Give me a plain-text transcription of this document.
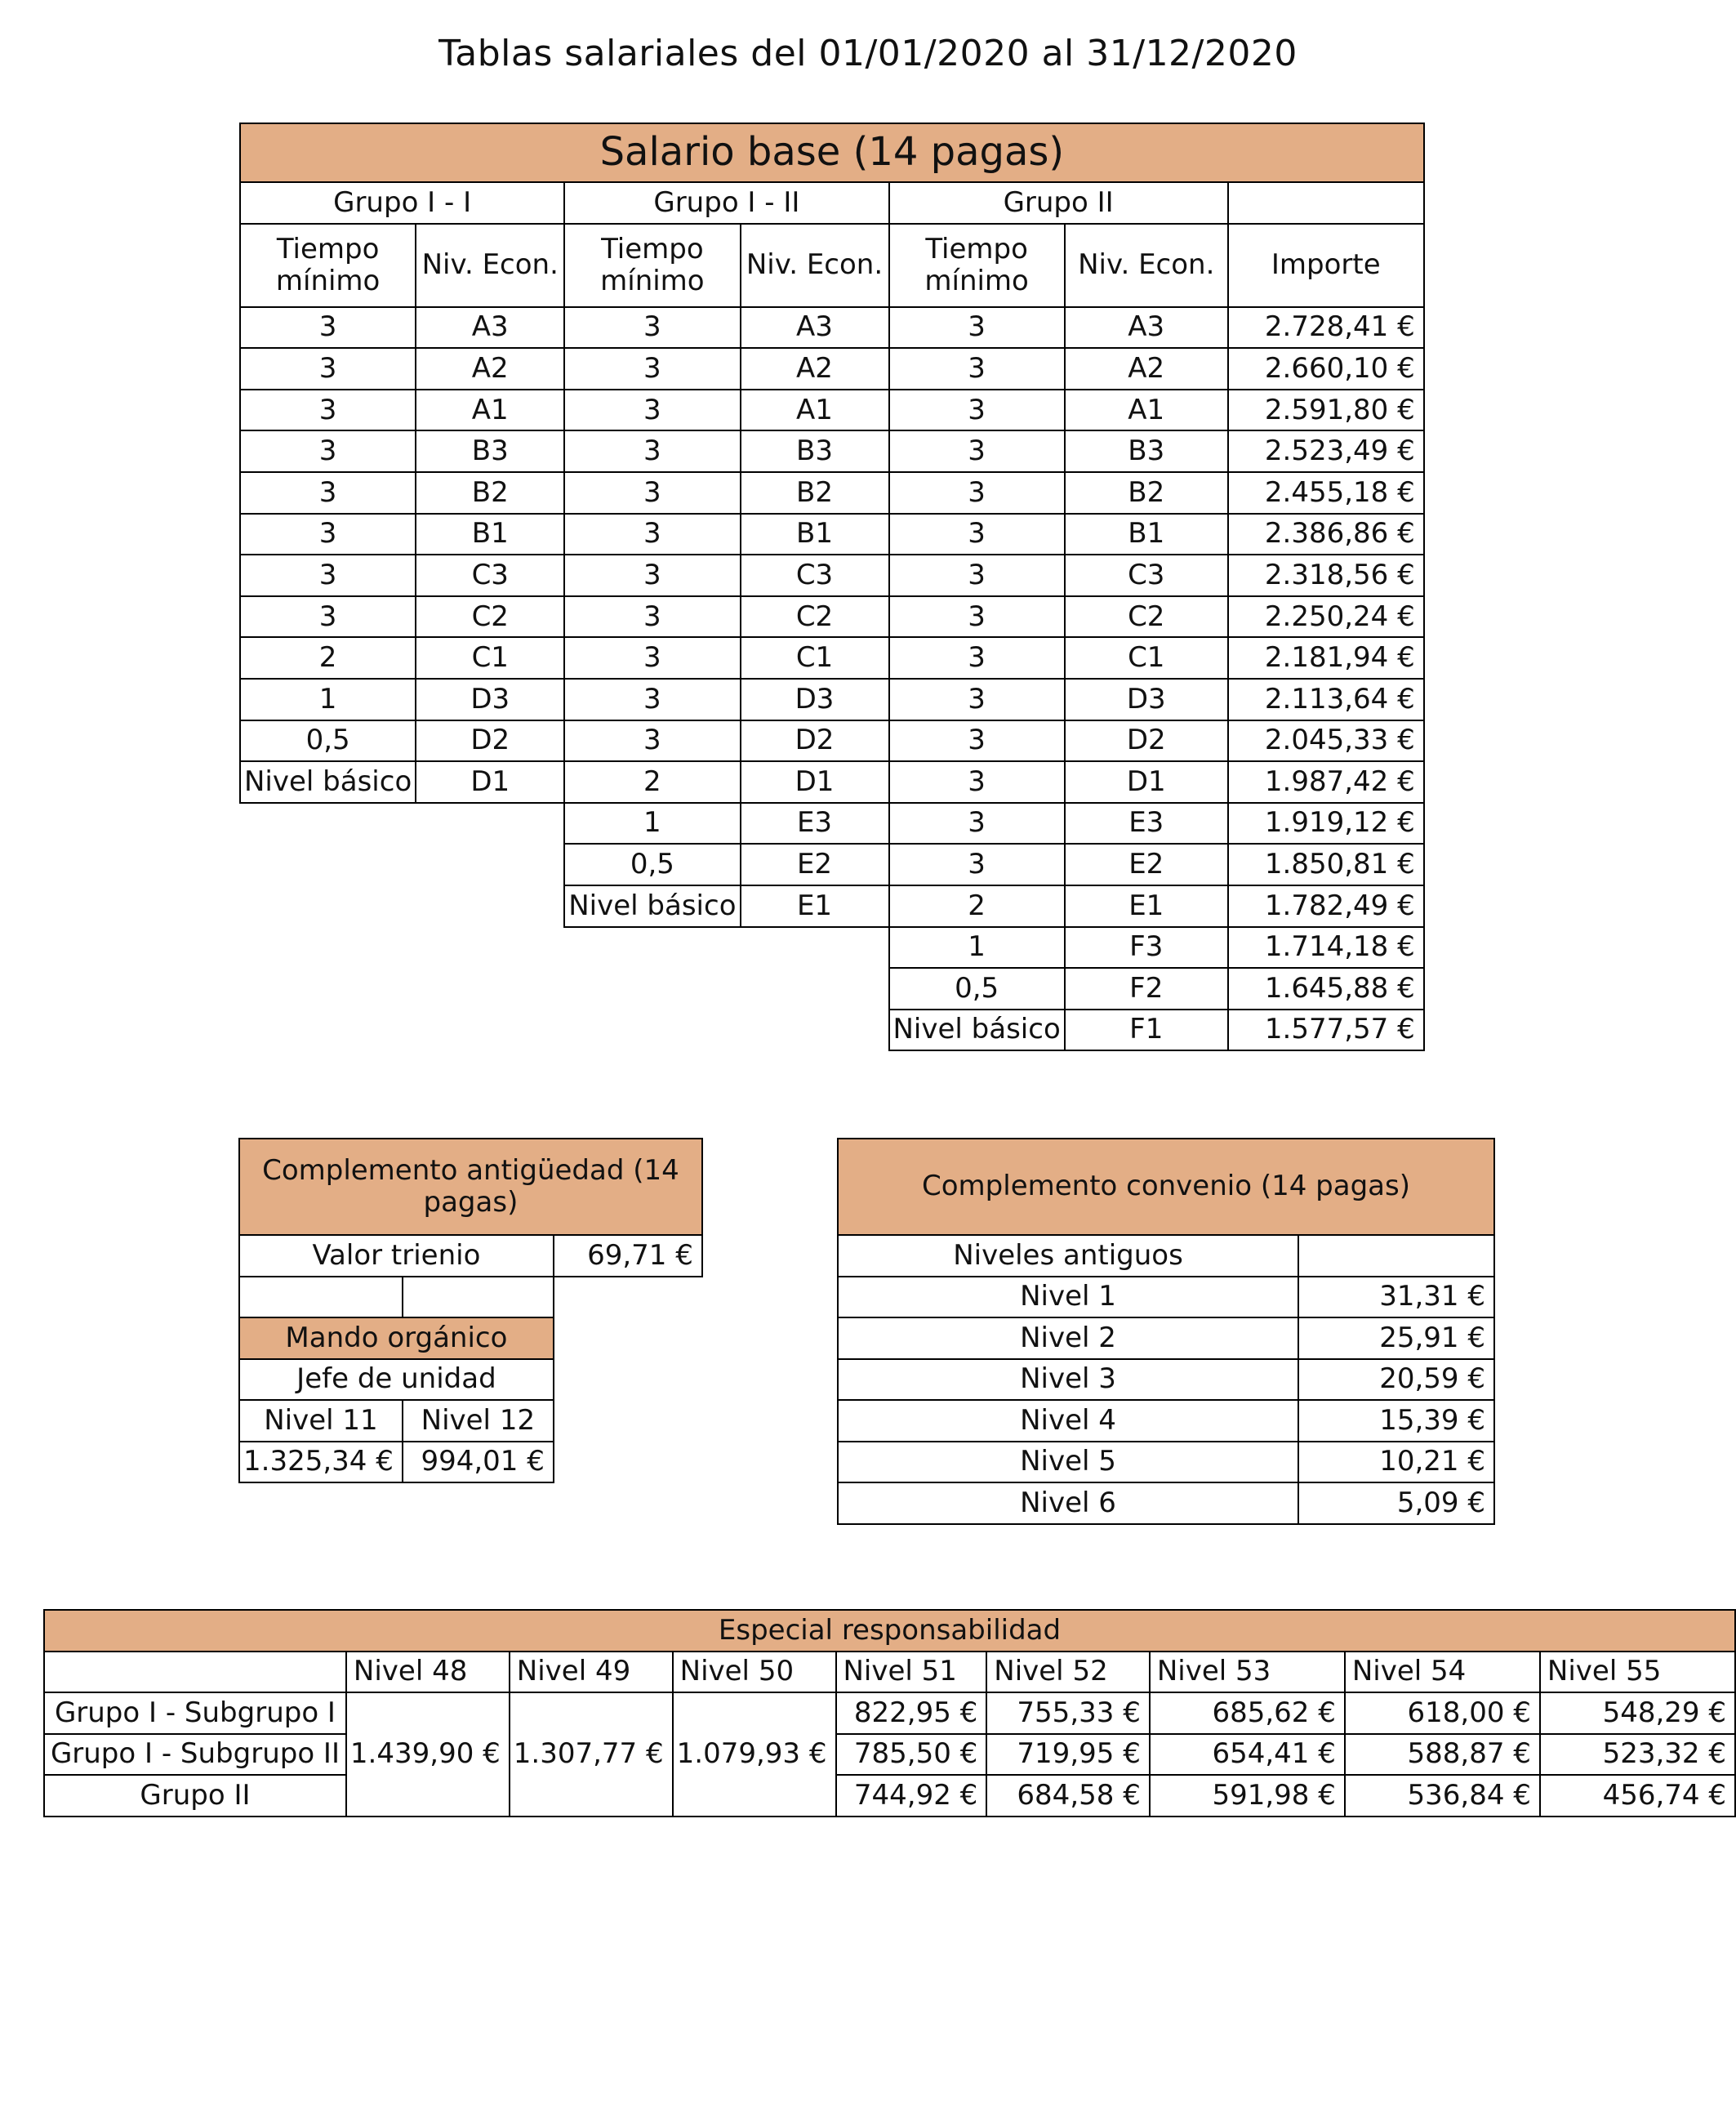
Tablas salariales del 01/01/2020 al 31/12/2020
Salario base (14 pagas)						
Grupo I - I		Grupo I - II		Grupo II		
Tiempo mínimo	Niv. Econ.	Tiempo mínimo	Niv. Econ.	Tiempo mínimo	Niv. Econ.	Importe
3	A3	3	A3	3	A3	2.728,41 €
3	A2	3	A2	3	A2	2.660,10 €
3	A1	3	A1	3	A1	2.591,80 €
3	B3	3	B3	3	B3	2.523,49 €
3	B2	3	B2	3	B2	2.455,18 €
3	B1	3	B1	3	B1	2.386,86 €
3	C3	3	C3	3	C3	2.318,56 €
3	C2	3	C2	3	C2	2.250,24 €
2	C1	3	C1	3	C1	2.181,94 €
1	D3	3	D3	3	D3	2.113,64 €
0,5	D2	3	D2	3	D2	2.045,33 €
Nivel básico	D1	2	D1	3	D1	1.987,42 €
		1	E3	3	E3	1.919,12 €
		0,5	E2	3	E2	1.850,81 €
		Nivel básico	E1	2	E1	1.782,49 €
				1	F3	1.714,18 €
				0,5	F2	1.645,88 €
				Nivel básico	F1	1.577,57 €
Complemento antigüedad (14 pagas)		
Valor trienio		69,71 €

Mando orgánico		
Jefe de unidad		
Nivel 11	Nivel 12	
1.325,34 €	994,01 €	
Complemento convenio (14 pagas)	
Niveles antiguos	
Nivel 1	31,31 €
Nivel 2	25,91 €
Nivel 3	20,59 €
Nivel 4	15,39 €
Nivel 5	10,21 €
Nivel 6	5,09 €
Especial responsabilidad								
	Nivel 48	Nivel 49	Nivel 50	Nivel 51	Nivel 52	Nivel 53	Nivel 54	Nivel 55
Grupo I - Subgrupo I	1.439,90 €	1.307,77 €	1.079,93 €	822,95 €	755,33 €	685,62 €	618,00 €	548,29 €
Grupo I - Subgrupo II				785,50 €	719,95 €	654,41 €	588,87 €	523,32 €
Grupo II				744,92 €	684,58 €	591,98 €	536,84 €	456,74 €
